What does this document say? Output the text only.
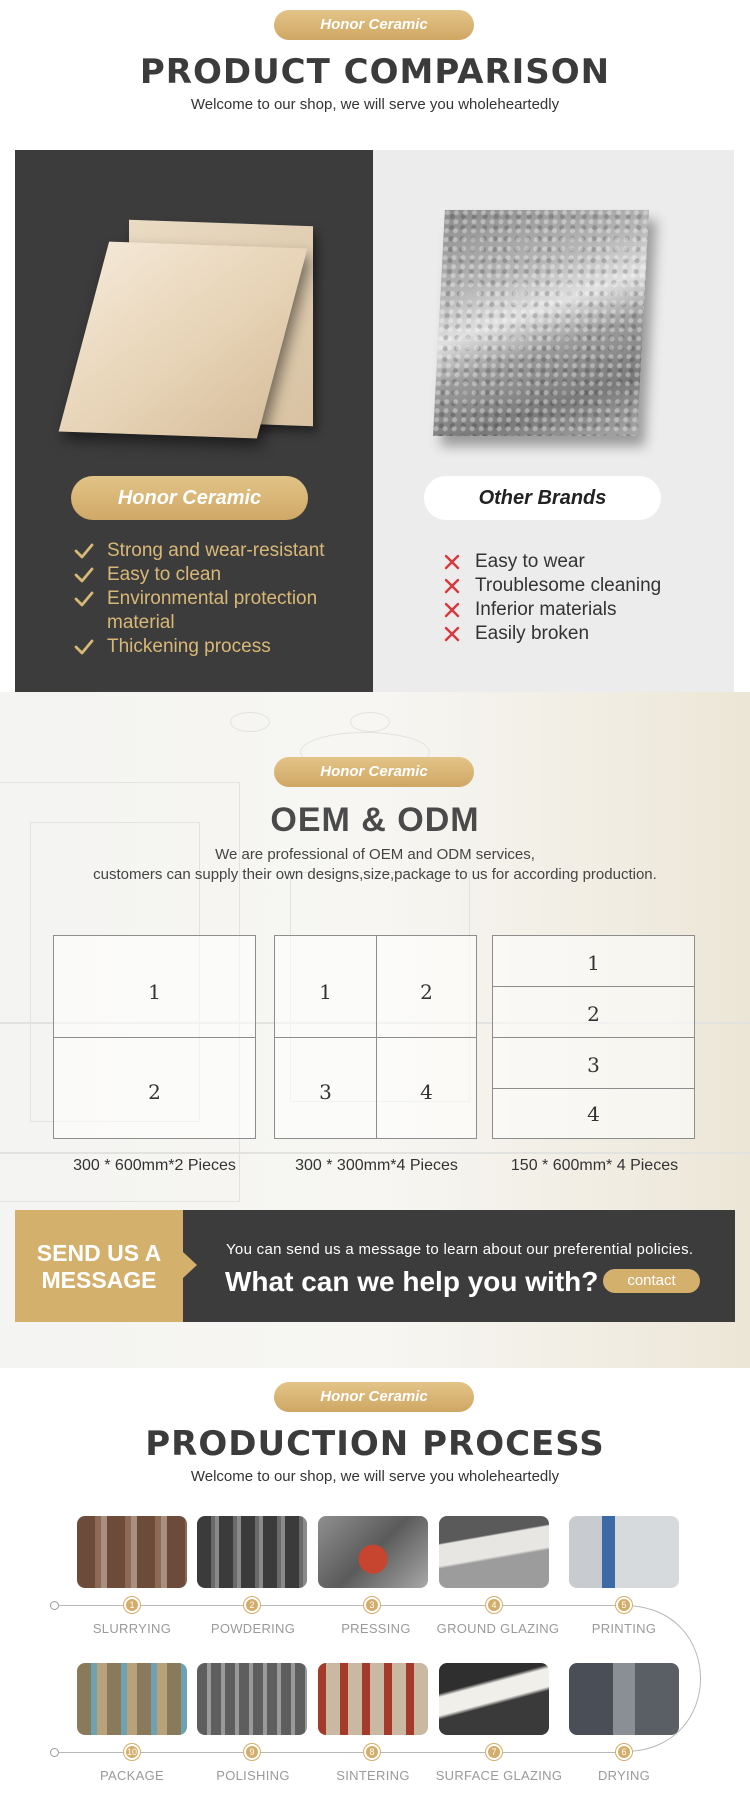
Honor Ceramic
PRODUCT COMPARISON
Welcome to our shop, we will serve you wholeheartedly
Honor Ceramic	Other Brands
Strong and wear-resistant
Easy to clean
Environmental protection material
Thickening process
Easy to wear
Troublesome cleaning
Inferior materials
Easily broken
Honor Ceramic
OEM & ODM
We are professional of OEM and ODM services,
customers can supply their own designs,size,package to us for according production.
1
2
1	2
3	4
1
2
3
4
300 * 600mm*2 Pieces	300 * 300mm*4 Pieces	150 * 600mm* 4 Pieces
SEND US A
MESSAGE
You can send us a message to learn about our preferential policies.
What can we help you with?	contact
Honor Ceramic
PRODUCTION PROCESS
Welcome to our shop, we will serve you wholeheartedly
1	2	3	4	5
SLURRYING	POWDERING	PRESSING	GROUND GLAZING	PRINTING
10	9	8	7	6
PACKAGE	POLISHING	SINTERING	SURFACE GLAZING	DRYING
